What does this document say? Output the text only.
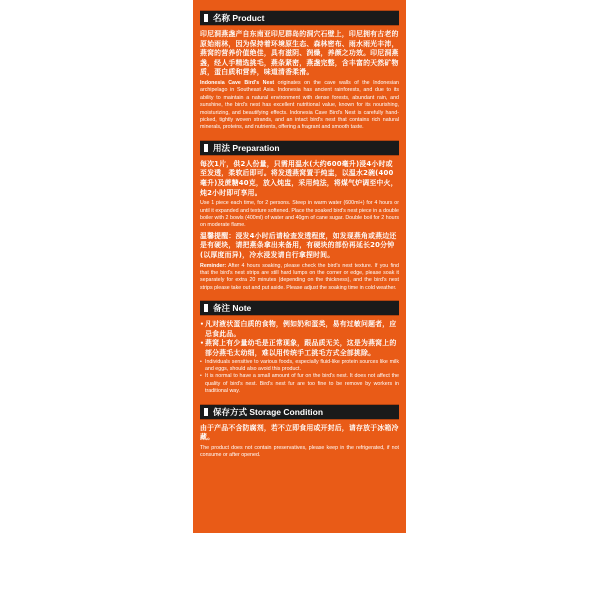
名称 Product

印尼洞燕盏产自东南亚印尼群岛的洞穴石壁上，印尼拥有古老的原始雨林，因为保持着环境原生态、森林密布、雨水雨光丰沛，燕窝的营养价值绝佳，具有滋阴、润燥，养颜之功效。印尼洞燕盏，经人手精选挑毛，燕条紧密，燕盏完整，含丰富的天然矿物质，蛋白质和营养，味道清香柔滑。

Indonesia Cave Bird's Nest originates on the cave walls of the Indonesian archipelago in Southeast Asia. Indonesia has ancient rainforests, and due to its ability to maintain a natural environment with dense forests, abundant rain, and sunshine, the bird's nest has excellent nutritional value, known for its nourishing, moisturizing, and beautifying effects. Indonesia Cave Bird's Nest is carefully hand-picked, tightly woven strands, and an intact bird's nest that contains rich natural minerals, proteins, and nutrients, offering a fragrant and smooth taste.

用法 Preparation

每次1片，供2人份量，只需用温水(大约600毫升)浸4小时或至发透，柔软后即可。将发透燕窝置于炖盅，以温水2碗(400毫升)及蔗糖40克，放入炖盅，采用炖法，将煤气炉调至中火，炖2小时即可享用。

Use 1 piece each time, for 2 persons. Steep in warm water (600ml+) for 4 hours or until it expanded and texture softened. Place the soaked bird's nest piece in a double boiler with 2 bowls (400ml) of water and 40gm of cane sugar. Double boil for 2 hours on moderate flame.

温馨提醒：浸发4小时后请检查发透程度，如发现燕角或燕边还是有硬块，请把燕条拿出来备用，有硬块的部份再延长20分钟(以厚度而异)，冷水浸发请自行拿捏时间。

Reminder: After 4 hours soaking, please check the bird's nest texture. If you find that the bird's nest strips are still hard lumps on the corner or edge, please soak it separately for extra 20 minutes (depending on the thickness), and the bird's nest strips please take out and put aside. Please adjust the soaking time in cold weather.

备注 Note
• 凡对液状蛋白质的食物，例如奶和蛋类，易有过敏问题者，应忌食此品。

• 燕窝上有少量幼毛是正常现象，跟品质无关，这是为燕窝上的部分燕毛太幼细，难以用传统手工挑毛方式全部挑除。

• Individuals sensitive to various foods, especially fluid-like protein sources like milk and eggs, should also avoid this product.

• It is normal to have a small amount of fur on the bird's nest. It does not affect the quality of bird's nest. Bird's nest fur are too fine to be remove by workers in traditional way.

保存方式 Storage Condition

由于产品不含防腐剂，若不立即食用或开封后，请存放于冰箱冷藏。

The product does not contain preservatives, please keep in the refrigerated, if not consume or after opened.
